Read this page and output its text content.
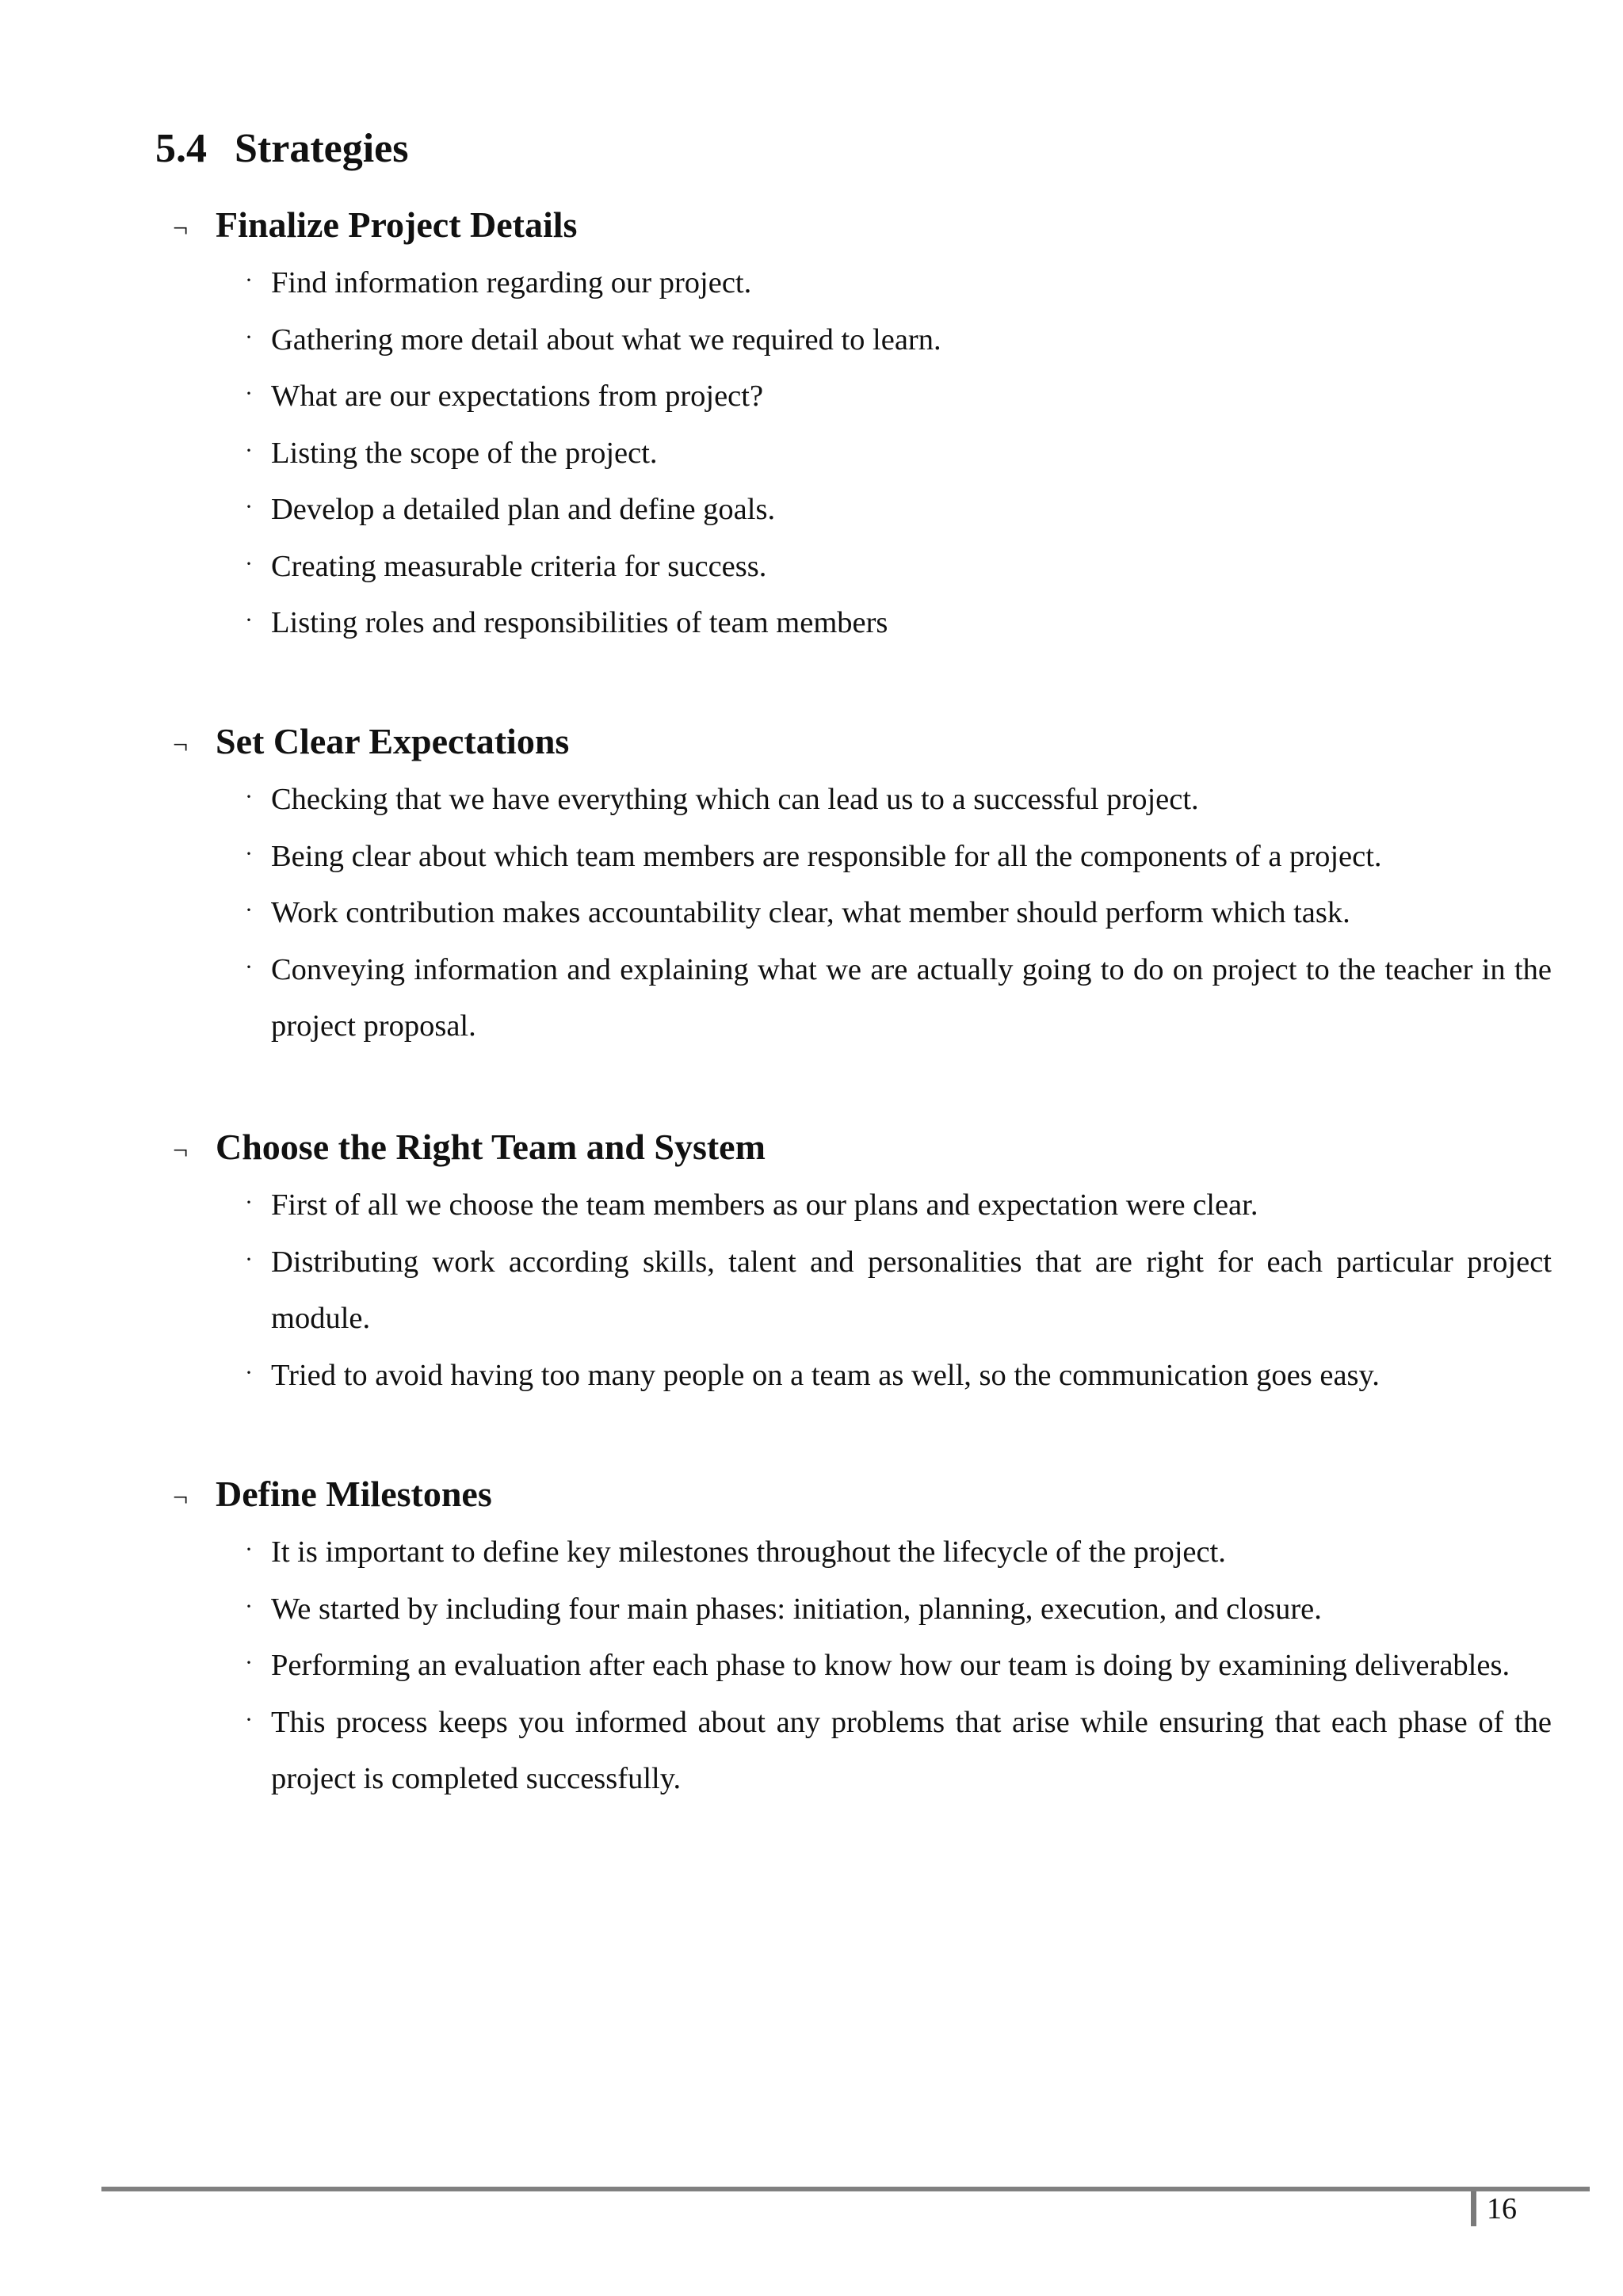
5.4 Strategies
¬ Finalize Project Details
· Find information regarding our project.
· Gathering more detail about what we required to learn.
· What are our expectations from project?
· Listing the scope of the project.
· Develop a detailed plan and define goals.
· Creating measurable criteria for success.
· Listing roles and responsibilities of team members
¬ Set Clear Expectations
· Checking that we have everything which can lead us to a successful project.
· Being clear about which team members are responsible for all the components of a project.
· Work contribution makes accountability clear, what member should perform which task.
· Conveying information and explaining what we are actually going to do on project to the teacher in the project proposal.
¬ Choose the Right Team and System
· First of all we choose the team members as our plans and expectation were clear.
· Distributing work according skills, talent and personalities that are right for each particular project module.
· Tried to avoid having too many people on a team as well, so the communication goes easy.
¬ Define Milestones
· It is important to define key milestones throughout the lifecycle of the project.
· We started by including four main phases: initiation, planning, execution, and closure.
· Performing an evaluation after each phase to know how our team is doing by examining deliverables.
· This process keeps you informed about any problems that arise while ensuring that each phase of the project is completed successfully.
16
